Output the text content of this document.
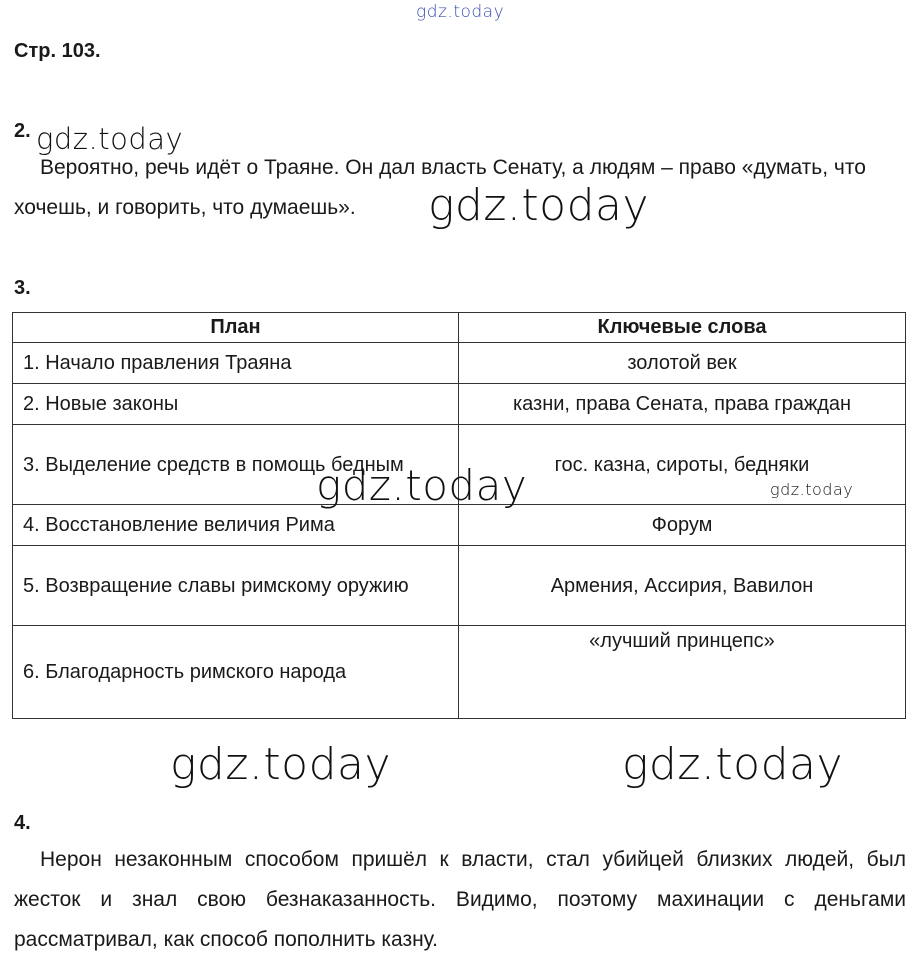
gdz.today
gdz.today
Стр. 103.
2.

Вероятно, речь идёт о Траяне. Он дал власть Сенату, а людям – право «думать, что хочешь, и говорить, что думаешь».	gdz.today
3.
План	Ключевые слова
1. Начало правления Траяна	золотой век
2. Новые законы	казни, права Сената, права граждан
3. Выделение средств в помощь бедным	гос. казна, сироты, бедняки
4. Восстановление величия Рима	Форум
5. Возвращение славы римскому оружию	Армения, Ассирия, Вавилон
6. Благодарность римского народа	«лучший принцепс»
gdz.today	gdz.today
gdz.today	gdz.today
4.

Нерон незаконным способом пришёл к власти, стал убийцей близких людей, был жесток и знал свою безнаказанность. Видимо, поэтому махинации с деньгами рассматривал, как способ пополнить казну.
